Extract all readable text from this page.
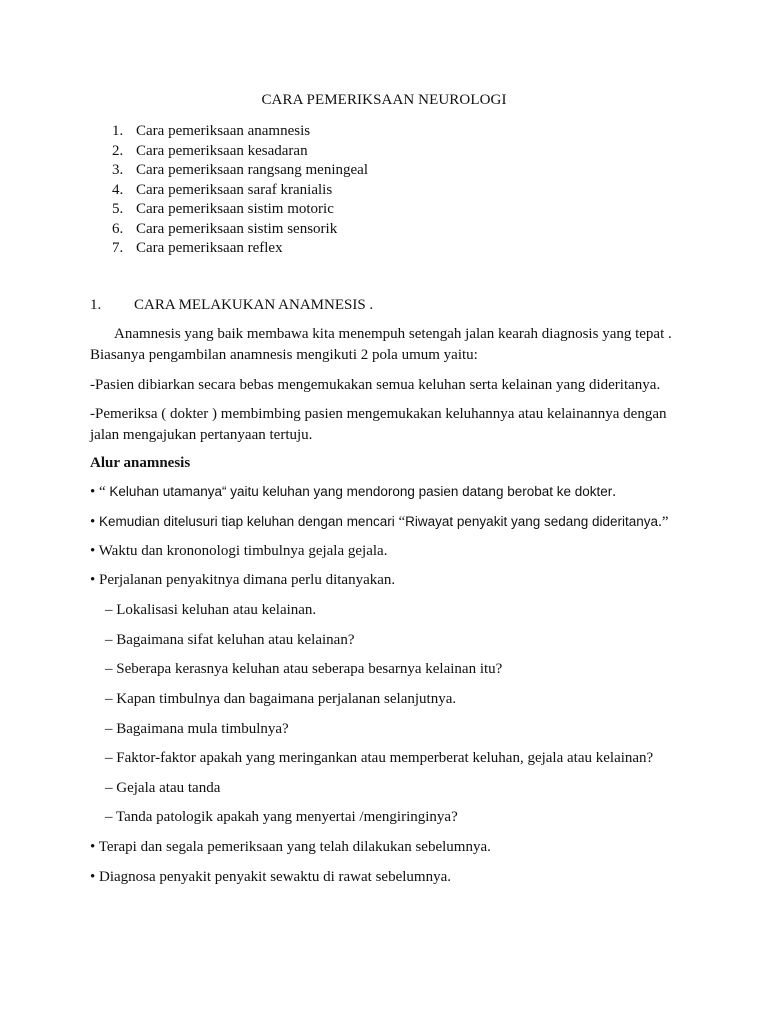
CARA PEMERIKSAAN NEUROLOGI
1. Cara pemeriksaan anamnesis
2. Cara pemeriksaan kesadaran
3. Cara pemeriksaan rangsang meningeal
4. Cara pemeriksaan saraf kranialis
5. Cara pemeriksaan sistim motoric
6. Cara pemeriksaan sistim sensorik
7. Cara pemeriksaan reflex
1. CARA MELAKUKAN ANAMNESIS .
Anamnesis yang baik membawa kita menempuh setengah jalan kearah diagnosis yang tepat . Biasanya pengambilan anamnesis mengikuti 2 pola umum yaitu:
-Pasien dibiarkan secara bebas mengemukakan semua keluhan serta kelainan yang dideritanya.
-Pemeriksa ( dokter ) membimbing pasien mengemukakan keluhannya atau kelainannya dengan jalan mengajukan pertanyaan tertuju.
Alur anamnesis
• “ Keluhan utamanya“ yaitu keluhan yang mendorong pasien datang berobat ke dokter.
• Kemudian ditelusuri tiap keluhan dengan mencari “Riwayat penyakit yang sedang dideritanya.”
• Waktu dan krononologi timbulnya gejala gejala.
• Perjalanan penyakitnya dimana perlu ditanyakan.
– Lokalisasi keluhan atau kelainan.
– Bagaimana sifat keluhan atau kelainan?
– Seberapa kerasnya keluhan atau seberapa besarnya kelainan itu?
– Kapan timbulnya dan bagaimana perjalanan selanjutnya.
– Bagaimana mula timbulnya?
– Faktor-faktor apakah yang meringankan atau memperberat keluhan, gejala atau kelainan?
– Gejala atau tanda
– Tanda patologik apakah yang menyertai /mengiringinya?
• Terapi dan segala pemeriksaan yang telah dilakukan sebelumnya.
• Diagnosa penyakit penyakit sewaktu di rawat sebelumnya.
